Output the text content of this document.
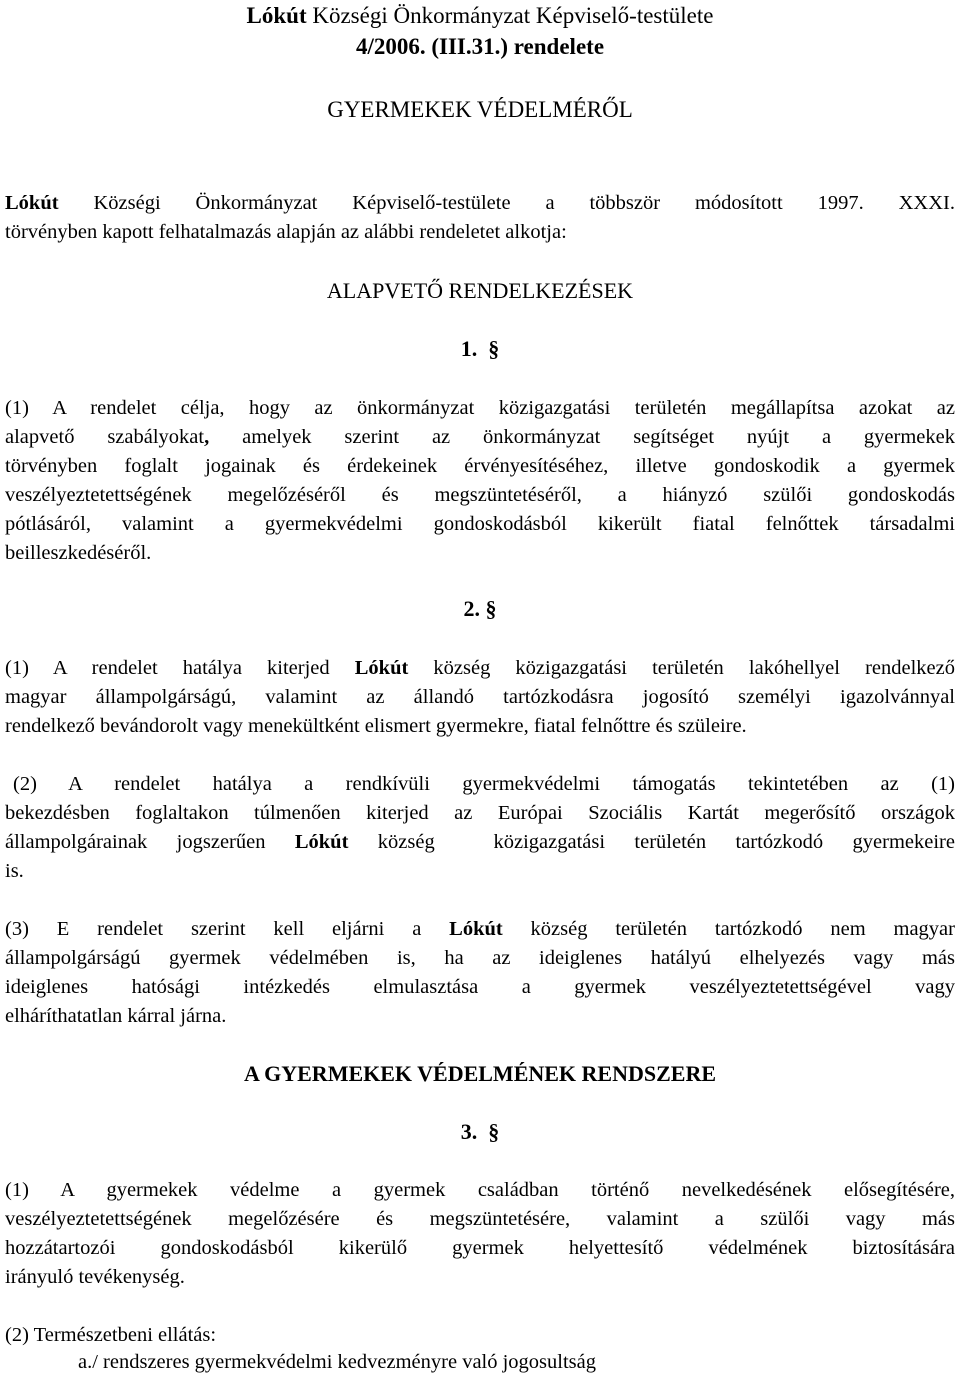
Lókút Községi Önkormányzat Képviselő-testülete
4/2006. (III.31.) rendelete
GYERMEKEK VÉDELMÉRŐL
Lókút Községi Önkormányzat Képviselő-testülete a többször módosított 1997. XXXI.
törvényben kapott felhatalmazás alapján az alábbi rendeletet alkotja:
ALAPVETŐ RENDELKEZÉSEK
1. §
(1) A rendelet célja, hogy az önkormányzat közigazgatási területén megállapítsa azokat az
alapvető szabályokat, amelyek szerint az önkormányzat segítséget nyújt a gyermekek
törvényben foglalt jogainak és érdekeinek érvényesítéséhez, illetve gondoskodik a gyermek
veszélyeztetettségének megelőzéséről és megszüntetéséről, a hiányzó szülői gondoskodás
pótlásáról, valamint a gyermekvédelmi gondoskodásból kikerült fiatal felnőttek társadalmi
beilleszkedéséről.
2. §
(1) A rendelet hatálya kiterjed Lókút község közigazgatási területén lakóhellyel rendelkező
magyar állampolgárságú, valamint az állandó tartózkodásra jogosító személyi igazolvánnyal
rendelkező bevándorolt vagy menekültként elismert gyermekre, fiatal felnőttre és szüleire.
(2) A rendelet hatálya a rendkívüli gyermekvédelmi támogatás tekintetében az (1)
bekezdésben foglaltakon túlmenően kiterjed az Európai Szociális Kartát megerősítő országok
állampolgárainak jogszerűen Lókút község  közigazgatási területén tartózkodó gyermekeire
is.
(3) E rendelet szerint kell eljárni a Lókút község területén tartózkodó nem magyar
állampolgárságú gyermek védelmében is, ha az ideiglenes hatályú elhelyezés vagy más
ideiglenes hatósági intézkedés elmulasztása a gyermek veszélyeztetettségével vagy
elháríthatatlan kárral járna.
A GYERMEKEK VÉDELMÉNEK RENDSZERE
3. §
(1) A gyermekek védelme a gyermek családban történő nevelkedésének elősegítésére,
veszélyeztetettségének megelőzésére és megszüntetésére, valamint a szülői vagy más
hozzátartozói gondoskodásból kikerülő gyermek helyettesítő védelmének biztosítására
irányuló tevékenység.
(2) Természetbeni ellátás:
a./ rendszeres gyermekvédelmi kedvezményre való jogosultság
